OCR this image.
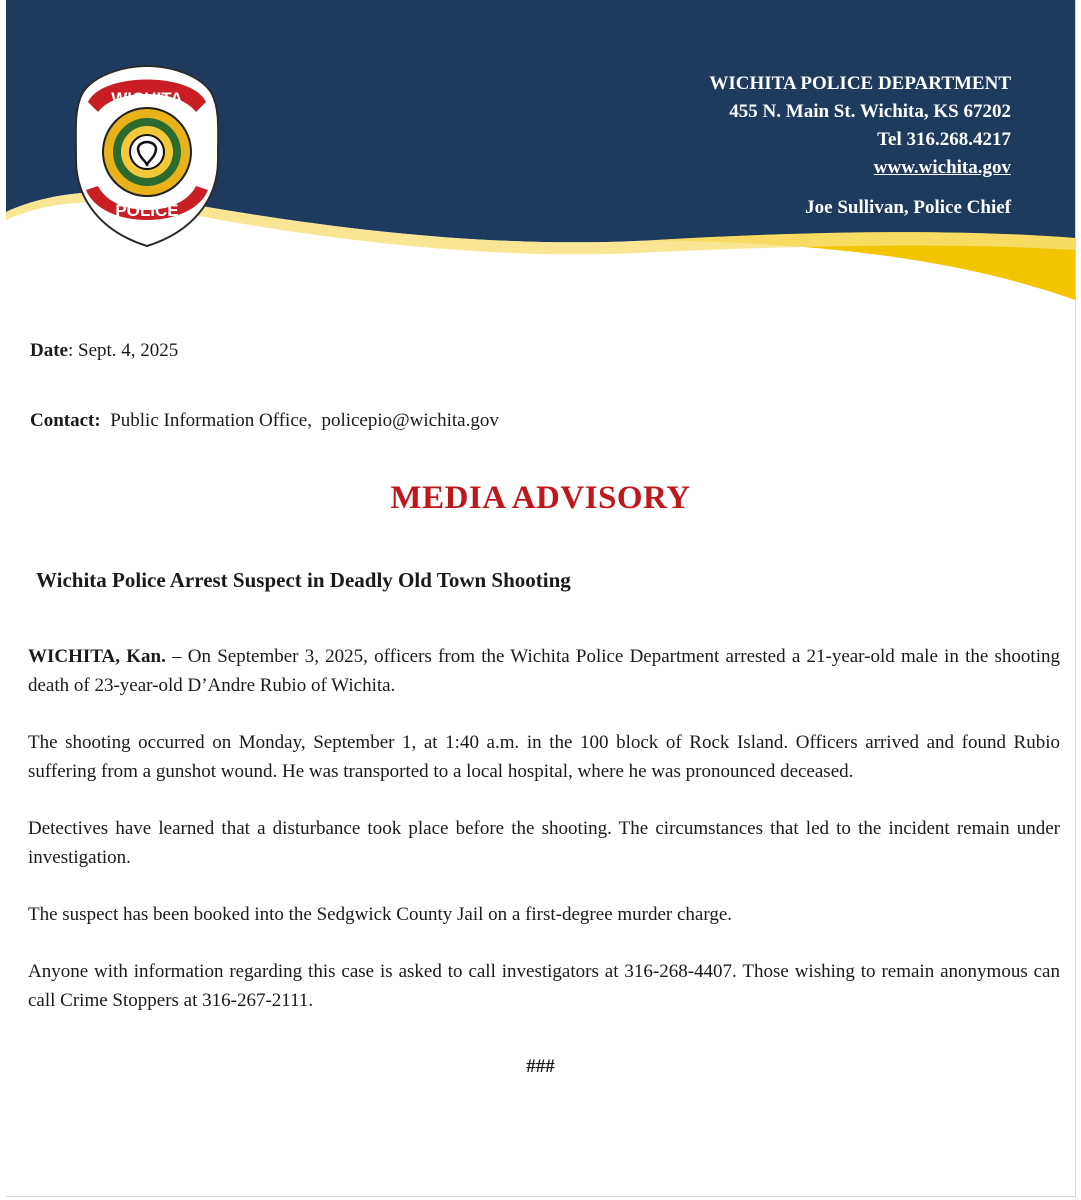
WICHITA
POLICE
WICHITA POLICE DEPARTMENT
455 N. Main St. Wichita, KS 67202
Tel 316.268.4217
www.wichita.gov
Joe Sullivan, Police Chief
Date: Sept. 4, 2025
Contact: Public Information Office,  policepio@wichita.gov
MEDIA ADVISORY
Wichita Police Arrest Suspect in Deadly Old Town Shooting

WICHITA, Kan. – On September 3, 2025, officers from the Wichita Police Department arrested a 21-year-old male in the shooting death of 23-year-old D’Andre Rubio of Wichita.

The shooting occurred on Monday, September 1, at 1:40 a.m. in the 100 block of Rock Island. Officers arrived and found Rubio suffering from a gunshot wound. He was transported to a local hospital, where he was pronounced deceased.

Detectives have learned that a disturbance took place before the shooting. The circumstances that led to the incident remain under investigation.

The suspect has been booked into the Sedgwick County Jail on a first-degree murder charge.

Anyone with information regarding this case is asked to call investigators at 316-268-4407. Those wishing to remain anonymous can call Crime Stoppers at 316-267-2111.

###
